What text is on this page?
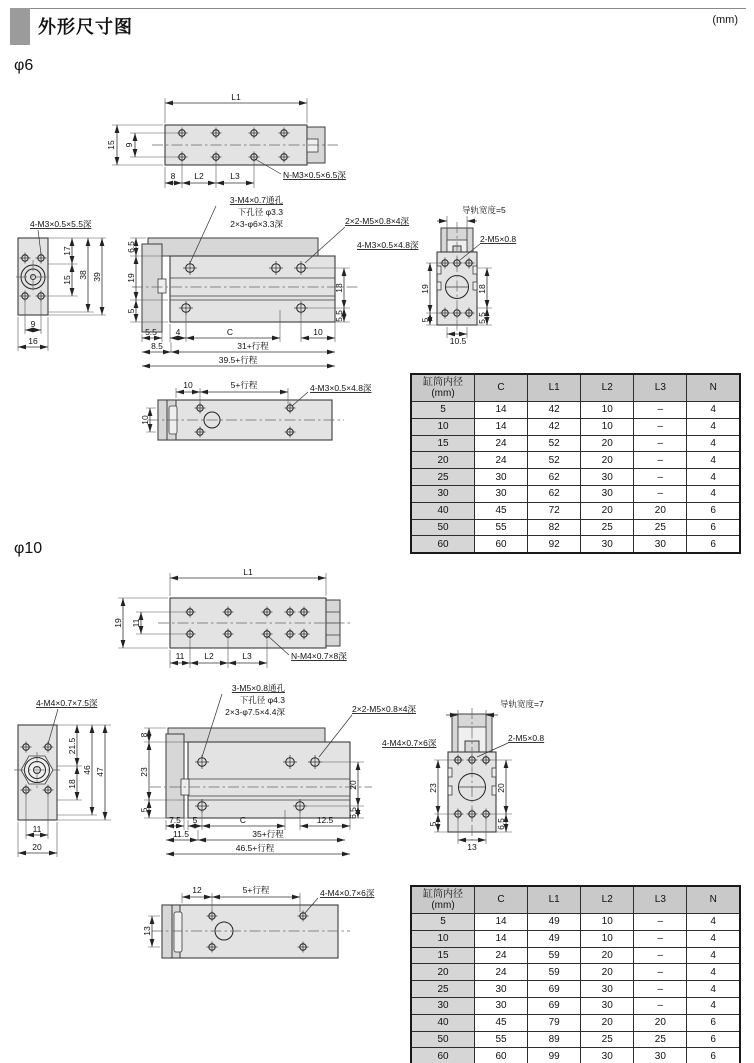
外形尺寸图	(mm)
φ6
φ10
L1
15 9
8 L2	L3	N-M3×0.5×6.5深
4-M3×0.5×5.5深
17
15
38 39
9
16
3-M4×0.7通孔
下孔径 φ3.3
2×3-φ6×3.3深	2×2-M5×0.8×4深
4-M3×0.5×4.8深
6.5
19
5
5.5 4	C	10
8.5	31+行程
39.5+行程
18
5.5
导轨宽度=5
2-M5×0.8
19
5
18
5.5
10.5
10	5+行程
10
4-M3×0.5×4.8深
缸筒内径 (mm)	C	L1	L2	L3	N
5	14	42	10	–	4
10	14	42	10	–	4
15	24	52	20	–	4
20	24	52	20	–	4
25	30	62	30	–	4
30	30	62	30	–	4
40	45	72	20	20	6
50	55	82	25	25	6
60	60	92	30	30	6
L1
19 11
11 L2	L3	N-M4×0.7×8深
4-M4×0.7×7.5深
21.5
18
46 47
11
20
3-M5×0.8通孔
下孔径 φ4.3
2×3-φ7.5×4.4深	2×2-M5×0.8×4深
4-M4×0.7×6深
8
23
5
7.5 5	C	12.5
11.5	35+行程
46.5+行程
20
6.5
导轨宽度=7
2-M5×0.8
23
5
20
6.5
13
12	5+行程
13
4-M4×0.7×6深	缸筒内径 (mm)	C	L1	L2	L3	N
5	14	49	10	–	4
10	14	49	10	–	4
15	24	59	20	–	4
20	24	59	20	–	4
25	30	69	30	–	4
30	30	69	30	–	4
40	45	79	20	20	6
50	55	89	25	25	6
60	60	99	30	30	6
